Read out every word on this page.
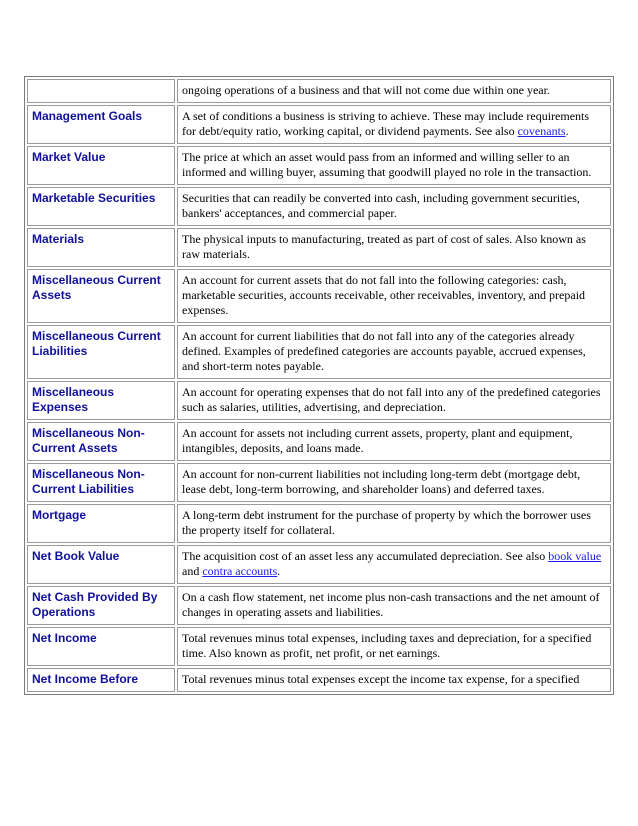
	ongoing operations of a business and that will not come due within one year.
Management Goals	A set of conditions a business is striving to achieve. These may include requirements for debt/equity ratio, working capital, or dividend payments. See also covenants.
Market Value	The price at which an asset would pass from an informed and willing seller to an informed and willing buyer, assuming that goodwill played no role in the transaction.
Marketable Securities	Securities that can readily be converted into cash, including government securities, bankers' acceptances, and commercial paper.
Materials	The physical inputs to manufacturing, treated as part of cost of sales. Also known as raw materials.
Miscellaneous Current Assets	An account for current assets that do not fall into the following categories: cash, marketable securities, accounts receivable, other receivables, inventory, and prepaid expenses.
Miscellaneous Current Liabilities	An account for current liabilities that do not fall into any of the categories already defined. Examples of predefined categories are accounts payable, accrued expenses, and short-term notes payable.
Miscellaneous Expenses	An account for operating expenses that do not fall into any of the predefined categories such as salaries, utilities, advertising, and depreciation.
Miscellaneous Non-Current Assets	An account for assets not including current assets, property, plant and equipment, intangibles, deposits, and loans made.
Miscellaneous Non-Current Liabilities	An account for non-current liabilities not including long-term debt (mortgage debt, lease debt, long-term borrowing, and shareholder loans) and deferred taxes.
Mortgage	A long-term debt instrument for the purchase of property by which the borrower uses the property itself for collateral.
Net Book Value	The acquisition cost of an asset less any accumulated depreciation. See also book value and contra accounts.
Net Cash Provided By Operations	On a cash flow statement, net income plus non-cash transactions and the net amount of changes in operating assets and liabilities.
Net Income	Total revenues minus total expenses, including taxes and depreciation, for a specified time. Also known as profit, net profit, or net earnings.
Net Income Before	Total revenues minus total expenses except the income tax expense, for a specified
